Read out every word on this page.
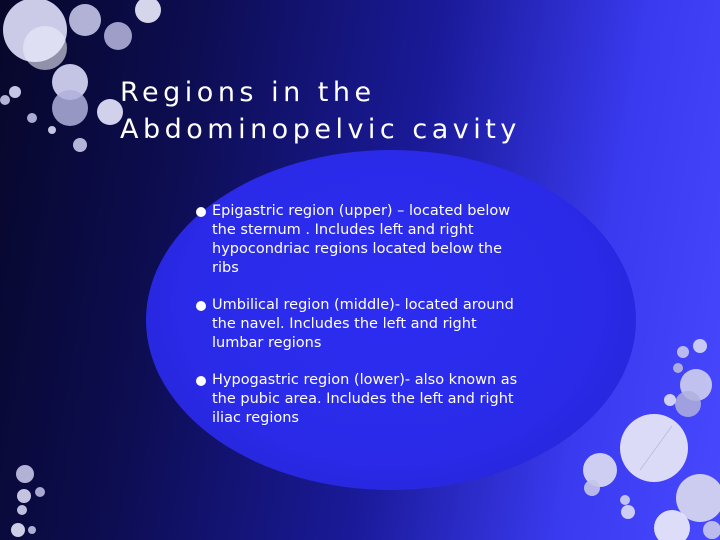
Regions in the
Abdominopelvic cavity
Epigastric region (upper) – located below
the sternum . Includes left and right
hypocondriac regions located below the
ribs
Umbilical region (middle)- located around
the navel. Includes the left and right
lumbar regions
Hypogastric region (lower)- also known as
the pubic area. Includes the left and right
iliac regions
